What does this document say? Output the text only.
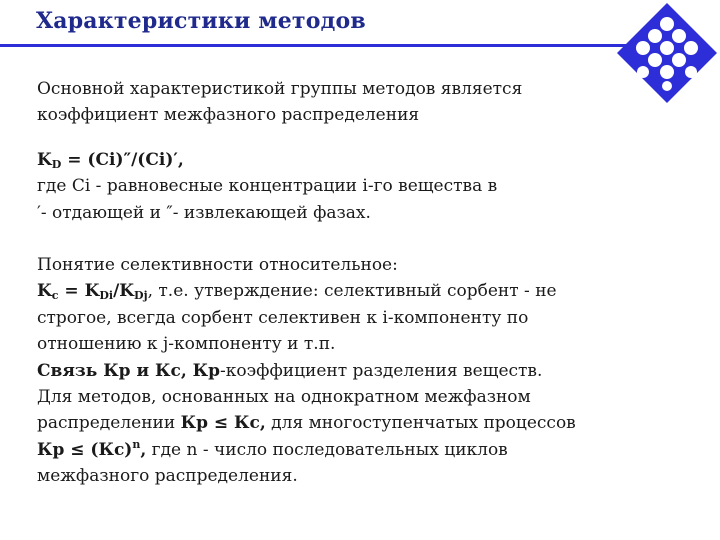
Характеристики методов

Основной характеристикой группы методов является
коэффициент межфазного распределения

$K_D = (Ci)''/(Ci)'$,
где Ci - равновесные концентрации i-го вещества в
′- отдающей и ″- извлекающей фазах.

Понятие селективности относительное:
$K_c = K_{Di}/K_{Dj}$, т.е. утверждение: селективный сорбент - не
строгое, всегда сорбент селективен к i-компоненту по
отношению к j-компоненту и т.п.
Связь Кр и Кс, Кр-коэффициент разделения веществ.
Для методов, основанных на однократном межфазном
распределении Кр ≤ Кс, для многоступенчатых процессов
Кр ≤ (Кс)$^n$, где n - число последовательных циклов
межфазного распределения.
